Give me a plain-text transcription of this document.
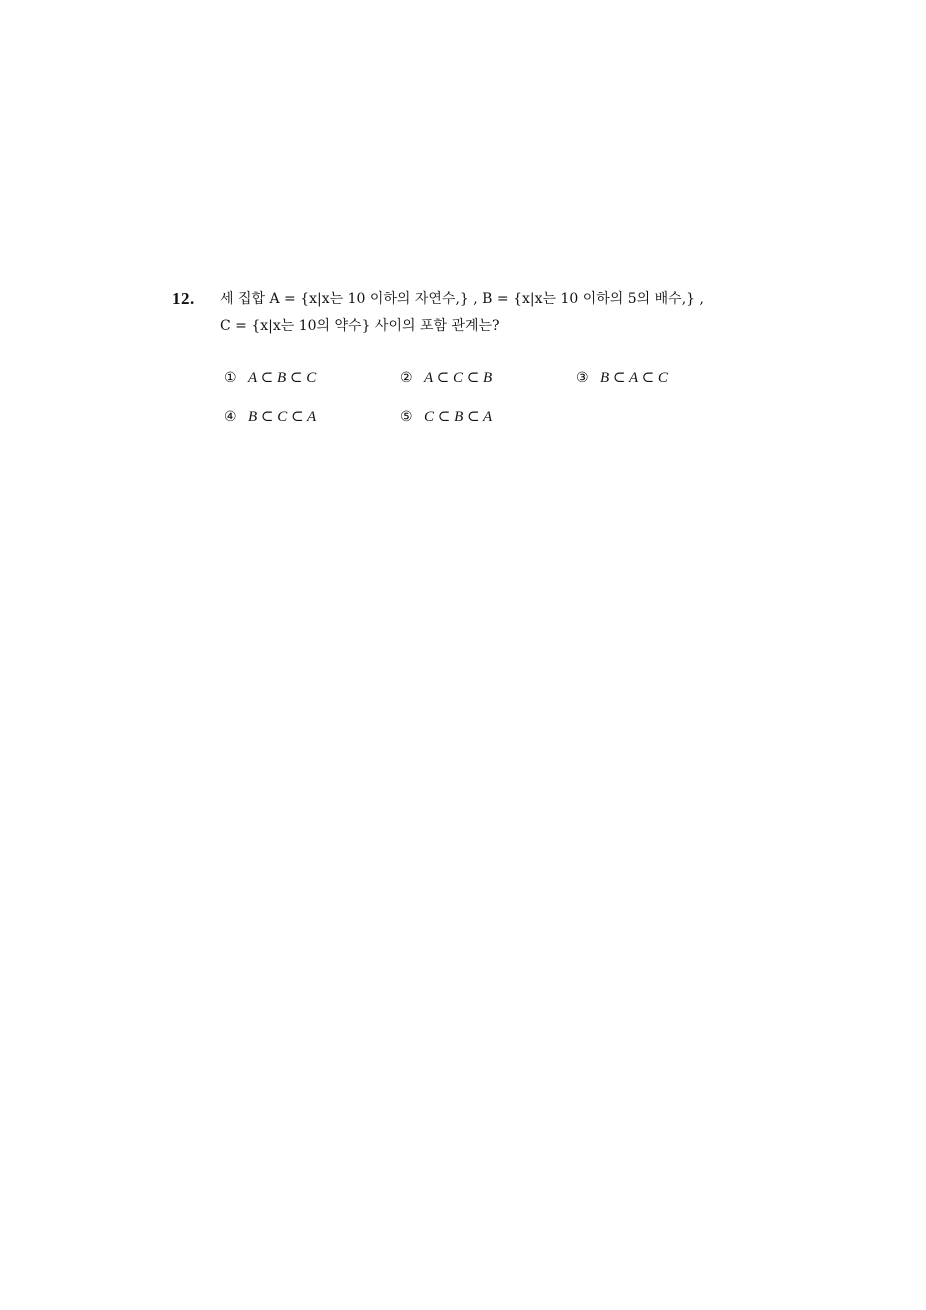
12. 세 집합 A = {x|x는 10 이하의 자연수,} , B = {x|x는 10 이하의 5의 배수,} ,
C = {x|x는 10의 약수} 사이의 포함 관계는?
① A ⊂ B ⊂ C	② A ⊂ C ⊂ B	③ B ⊂ A ⊂ C
④ B ⊂ C ⊂ A	⑤ C ⊂ B ⊂ A
